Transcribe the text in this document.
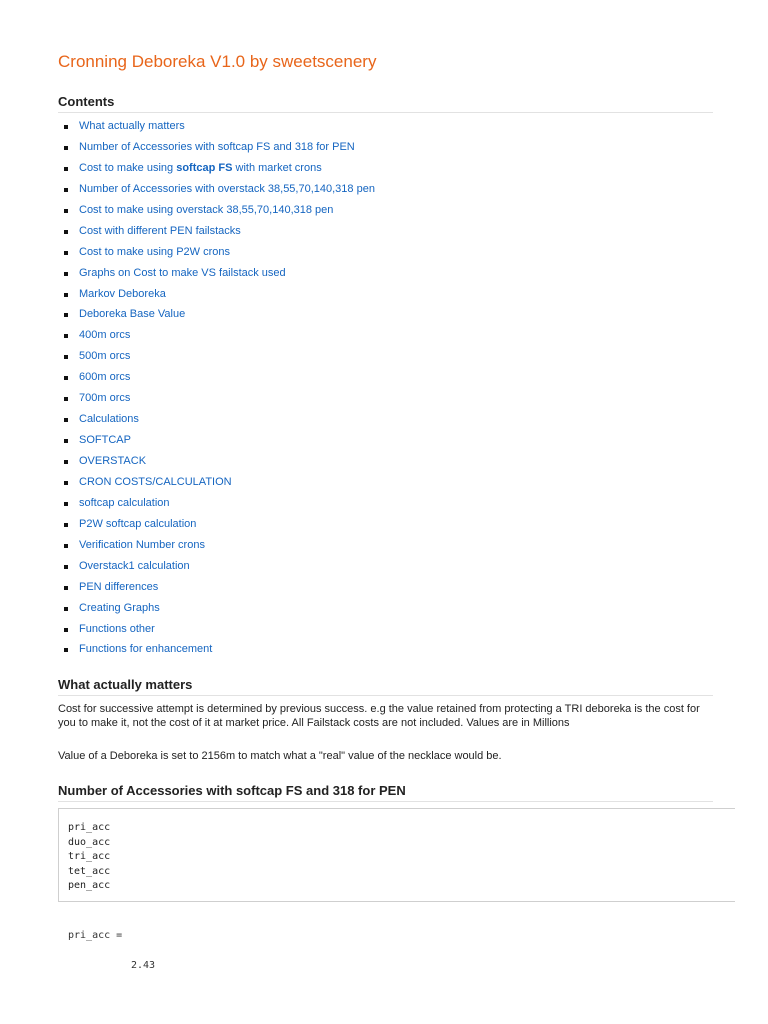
Cronning Deboreka V1.0 by sweetscenery
Contents
What actually matters
Number of Accessories with softcap FS and 318 for PEN
Cost to make using softcap FS with market crons
Number of Accessories with overstack 38,55,70,140,318 pen
Cost to make using overstack 38,55,70,140,318 pen
Cost with different PEN failstacks
Cost to make using P2W crons
Graphs on Cost to make VS failstack used
Markov Deboreka
Deboreka Base Value
400m orcs
500m orcs
600m orcs
700m orcs
Calculations
SOFTCAP
OVERSTACK
CRON COSTS/CALCULATION
softcap calculation
P2W softcap calculation
Verification Number crons
Overstack1 calculation
PEN differences
Creating Graphs
Functions other
Functions for enhancement
What actually matters

Cost for successive attempt is determined by previous success. e.g the value retained from protecting a TRI deboreka is the cost for you to make it, not the cost of it at market price. All Failstack costs are not included. Values are in Millions

Value of a Deboreka is set to 2156m to match what a "real" value of the necklace would be.

Number of Accessories with softcap FS and 318 for PEN
pri_acc
duo_acc
tri_acc
tet_acc
pen_acc

pri_acc =

2.43
